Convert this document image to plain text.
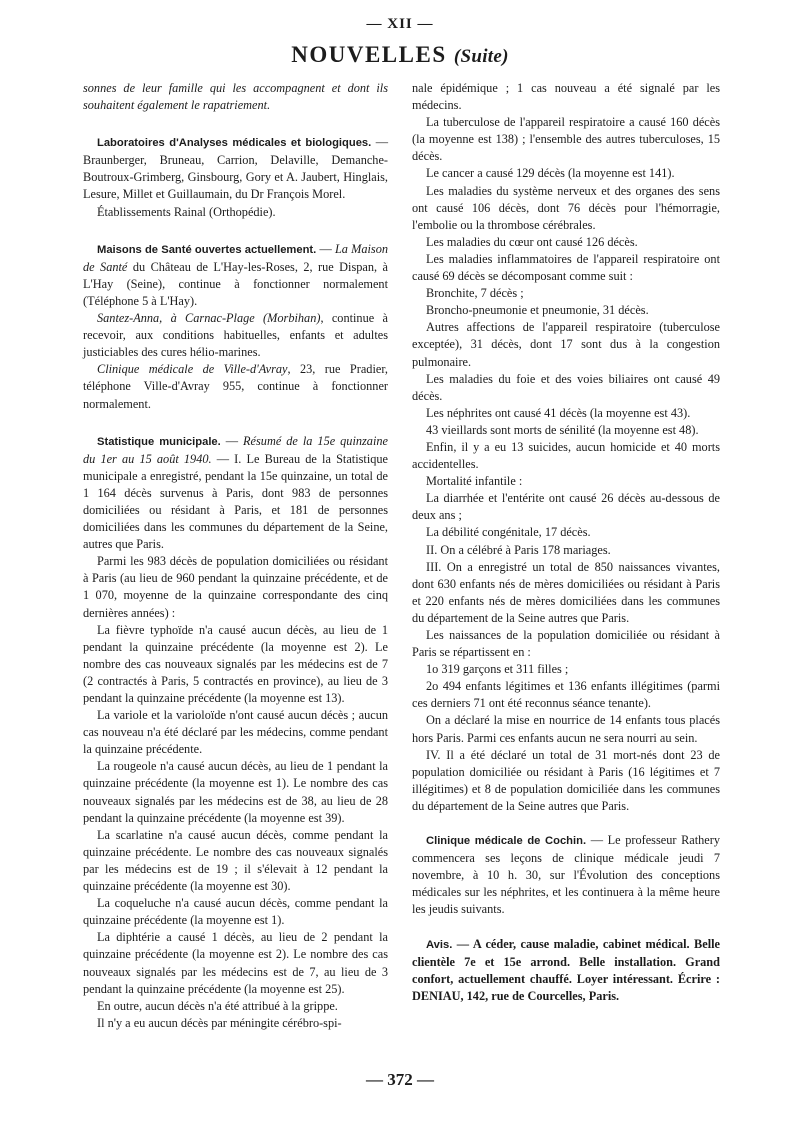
— XII —
NOUVELLES (Suite)

sonnes de leur famille qui les accompagnent et dont ils souhaitent également le rapatriement.

Laboratoires d'Analyses médicales et biologiques. — Braunberger, Bruneau, Carrion, Delaville, Demanche-Boutroux-Grimberg, Ginsbourg, Gory et A. Jaubert, Hinglais, Lesure, Millet et Guillaumain, du Dr François Morel.

Établissements Rainal (Orthopédie).

Maisons de Santé ouvertes actuellement. — La Maison de Santé du Château de L'Hay-les-Roses, 2, rue Dispan, à L'Hay (Seine), continue à fonctionner normalement (Téléphone 5 à L'Hay).

Santez-Anna, à Carnac-Plage (Morbihan), continue à recevoir, aux conditions habituelles, enfants et adultes justiciables des cures hélio-marines.

Clinique médicale de Ville-d'Avray, 23, rue Pradier, téléphone Ville-d'Avray 955, continue à fonctionner normalement.

Statistique municipale. — Résumé de la 15e quinzaine du 1er au 15 août 1940. — I. Le Bureau de la Statistique municipale a enregistré, pendant la 15e quinzaine, un total de 1 164 décès survenus à Paris, dont 983 de personnes domiciliées ou résidant à Paris, et 181 de personnes domiciliées dans les communes du département de la Seine, autres que Paris.

Parmi les 983 décès de population domiciliées ou résidant à Paris (au lieu de 960 pendant la quinzaine précédente, et de 1 070, moyenne de la quinzaine correspondante des cinq dernières années) :

La fièvre typhoïde n'a causé aucun décès, au lieu de 1 pendant la quinzaine précédente (la moyenne est 2). Le nombre des cas nouveaux signalés par les médecins est de 7 (2 contractés à Paris, 5 contractés en province), au lieu de 3 pendant la quinzaine précédente (la moyenne est 13).

La variole et la varioloïde n'ont causé aucun décès ; aucun cas nouveau n'a été déclaré par les médecins, comme pendant la quinzaine précédente.

La rougeole n'a causé aucun décès, au lieu de 1 pendant la quinzaine précédente (la moyenne est 1). Le nombre des cas nouveaux signalés par les médecins est de 38, au lieu de 28 pendant la quinzaine précédente (la moyenne est 39).

La scarlatine n'a causé aucun décès, comme pendant la quinzaine précédente. Le nombre des cas nouveaux signalés par les médecins est de 19 ; il s'élevait à 12 pendant la quinzaine précédente (la moyenne est 30).

La coqueluche n'a causé aucun décès, comme pendant la quinzaine précédente (la moyenne est 1).

La diphtérie a causé 1 décès, au lieu de 2 pendant la quinzaine précédente (la moyenne est 2). Le nombre des cas nouveaux signalés par les médecins est de 7, au lieu de 3 pendant la quinzaine précédente (la moyenne est 25).

En outre, aucun décès n'a été attribué à la grippe.

Il n'y a eu aucun décès par méningite cérébro-spi-

nale épidémique ; 1 cas nouveau a été signalé par les médecins.

La tuberculose de l'appareil respiratoire a causé 160 décès (la moyenne est 138) ; l'ensemble des autres tuberculoses, 15 décès.

Le cancer a causé 129 décès (la moyenne est 141).

Les maladies du système nerveux et des organes des sens ont causé 106 décès, dont 76 décès pour l'hémorragie, l'embolie ou la thrombose cérébrales.

Les maladies du cœur ont causé 126 décès.

Les maladies inflammatoires de l'appareil respiratoire ont causé 69 décès se décomposant comme suit :

Bronchite, 7 décès ;

Broncho-pneumonie et pneumonie, 31 décès.

Autres affections de l'appareil respiratoire (tuberculose exceptée), 31 décès, dont 17 sont dus à la congestion pulmonaire.

Les maladies du foie et des voies biliaires ont causé 49 décès.

Les néphrites ont causé 41 décès (la moyenne est 43).

43 vieillards sont morts de sénilité (la moyenne est 48).

Enfin, il y a eu 13 suicides, aucun homicide et 40 morts accidentelles.

Mortalité infantile :

La diarrhée et l'entérite ont causé 26 décès au-dessous de deux ans ;

La débilité congénitale, 17 décès.

II. On a célébré à Paris 178 mariages.

III. On a enregistré un total de 850 naissances vivantes, dont 630 enfants nés de mères domiciliées ou résidant à Paris et 220 enfants nés de mères domiciliées dans les communes du département de la Seine autres que Paris.

Les naissances de la population domiciliée ou résidant à Paris se répartissent en :

1o 319 garçons et 311 filles ;

2o 494 enfants légitimes et 136 enfants illégitimes (parmi ces derniers 71 ont été reconnus séance tenante).

On a déclaré la mise en nourrice de 14 enfants tous placés hors Paris. Parmi ces enfants aucun ne sera nourri au sein.

IV. Il a été déclaré un total de 31 mort-nés dont 23 de population domiciliée ou résidant à Paris (16 légitimes et 7 illégitimes) et 8 de population domiciliée dans les communes du département de la Seine autres que Paris.

Clinique médicale de Cochin. — Le professeur Rathery commencera ses leçons de clinique médicale jeudi 7 novembre, à 10 h. 30, sur l'Évolution des conceptions médicales sur les néphrites, et les continuera à la même heure les jeudis suivants.

Avis. — A céder, cause maladie, cabinet médical. Belle clientèle 7e et 15e arrond. Belle installation. Grand confort, actuellement chauffé. Loyer intéressant. Écrire : DENIAU, 142, rue de Courcelles, Paris.

— 372 —
